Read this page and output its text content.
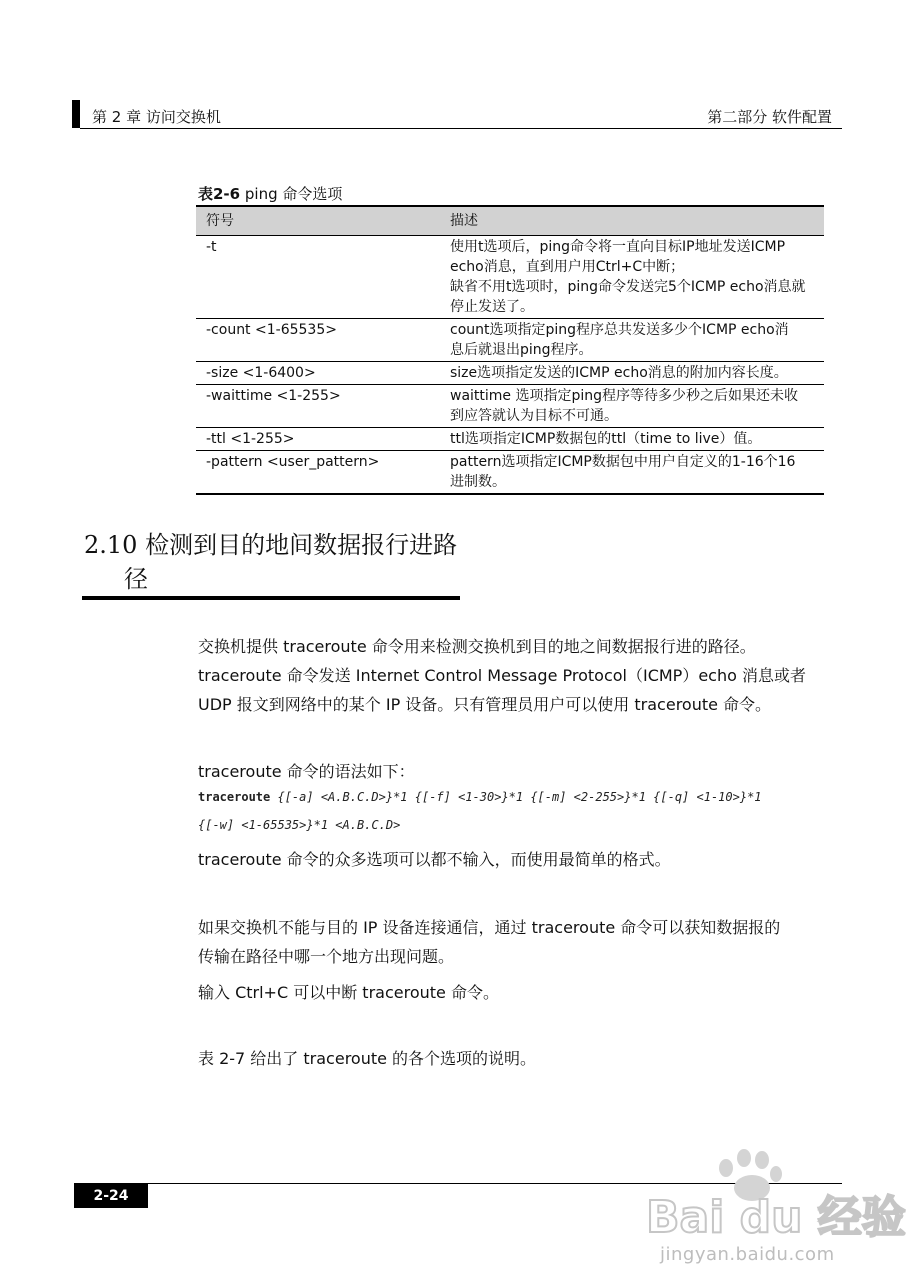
第 2 章 访问交换机	第二部分 软件配置
表2-6 ping 命令选项
符号	描述
-t	使用t选项后，ping命令将一直向目标IP地址发送ICMP
echo消息，直到用户用Ctrl+C中断；
缺省不用t选项时，ping命令发送完5个ICMP echo消息就
停止发送了。

-count <1-65535>	count选项指定ping程序总共发送多少个ICMP echo消
息后就退出ping程序。

-size <1-6400>	size选项指定发送的ICMP echo消息的附加内容长度。

-waittime <1-255>	waittime 选项指定ping程序等待多少秒之后如果还未收
到应答就认为目标不可通。

-ttl <1-255>	ttl选项指定ICMP数据包的ttl（time to live）值。

-pattern <user_pattern>	pattern选项指定ICMP数据包中用户自定义的1-16个16
进制数。
2.10 检测到目的地间数据报行进路
径
交换机提供 traceroute 命令用来检测交换机到目的地之间数据报行进的路径。
traceroute 命令发送 Internet Control Message Protocol（ICMP）echo 消息或者
UDP 报文到网络中的某个 IP 设备。只有管理员用户可以使用 traceroute 命令。
traceroute 命令的语法如下：
traceroute {[-a] <A.B.C.D>}*1 {[-f] <1-30>}*1 {[-m] <2-255>}*1 {[-q] <1-10>}*1
{[-w] <1-65535>}*1 <A.B.C.D>
traceroute 命令的众多选项可以都不输入，而使用最简单的格式。
如果交换机不能与目的 IP 设备连接通信，通过 traceroute 命令可以获知数据报的
传输在路径中哪一个地方出现问题。
输入 Ctrl+C 可以中断 traceroute 命令。
表 2-7 给出了 traceroute 的各个选项的说明。
2-24	Bai du 经验
jingyan.baidu.com
